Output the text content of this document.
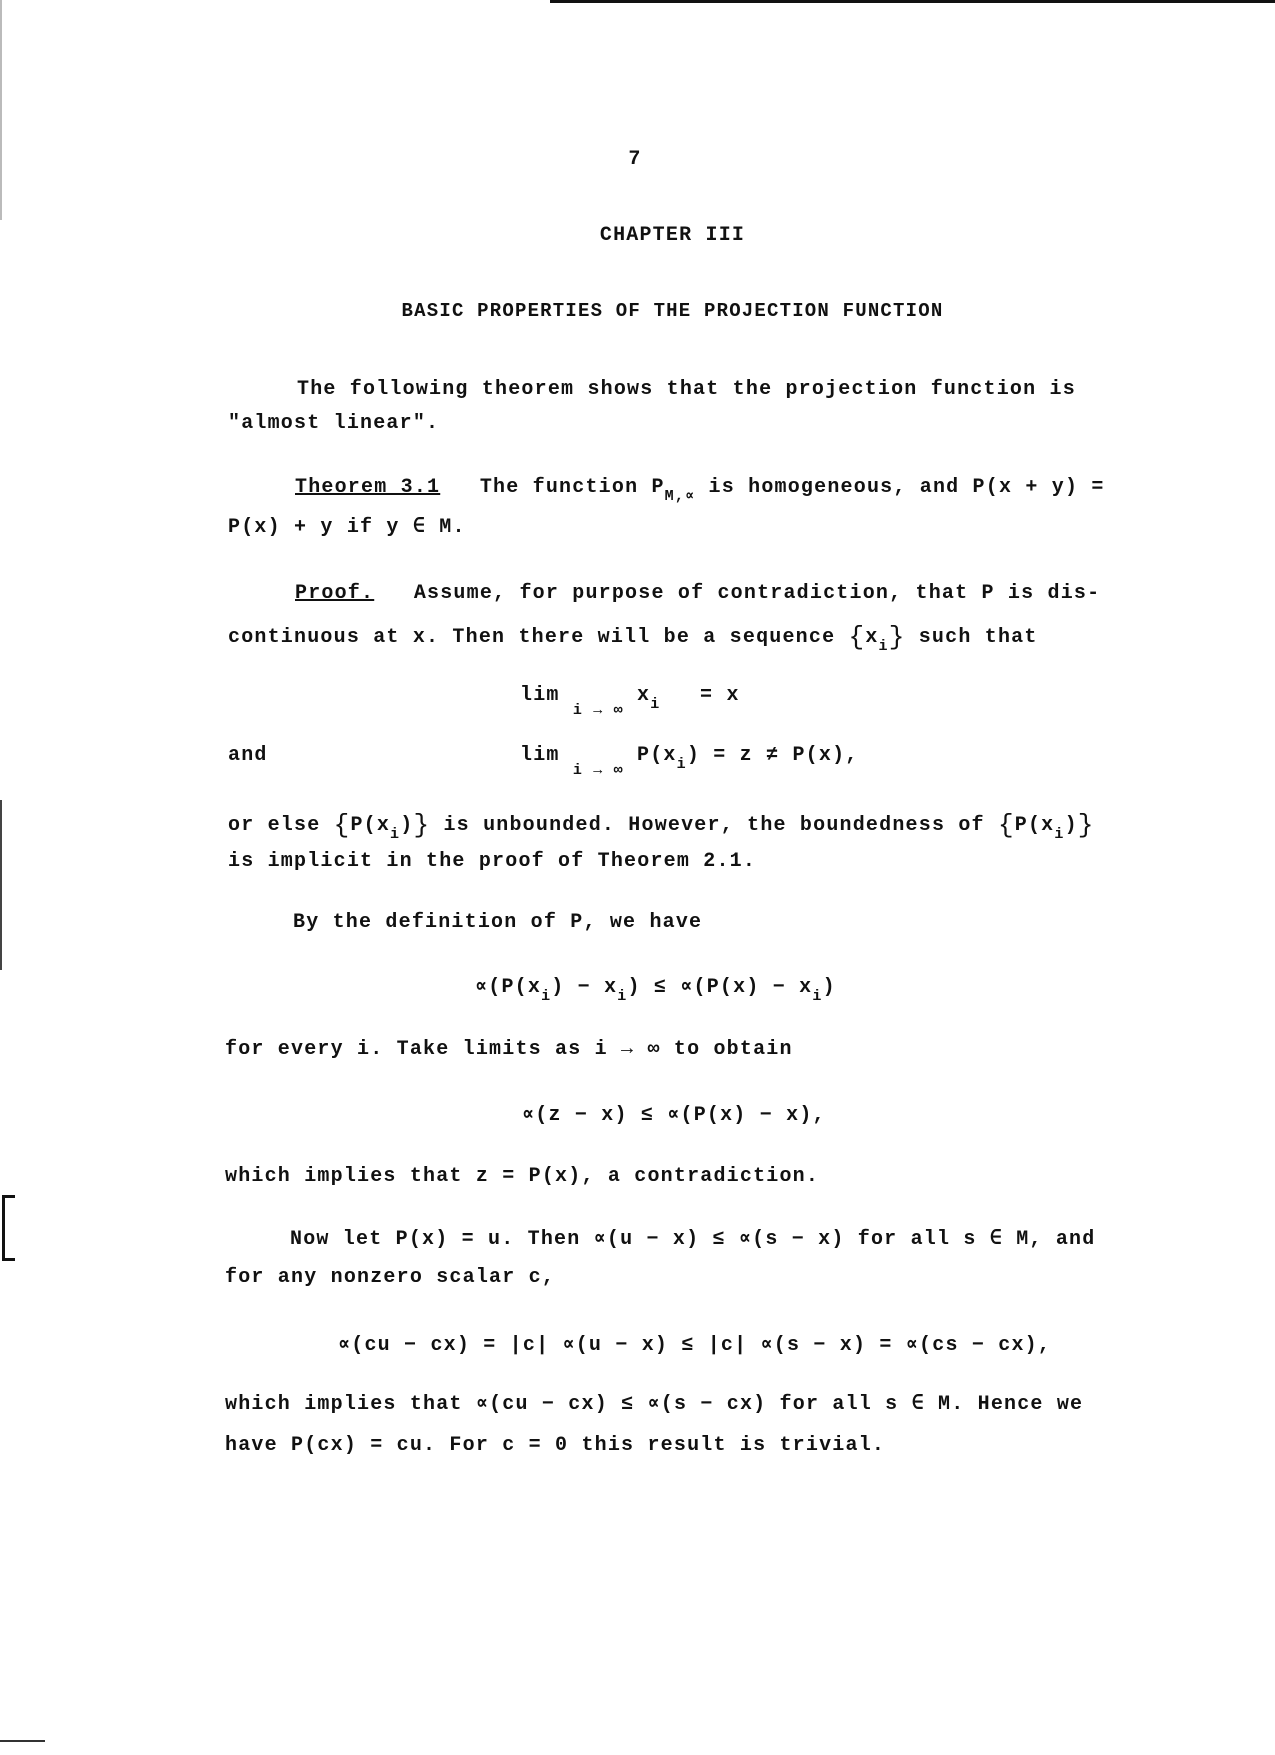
7
CHAPTER III
BASIC PROPERTIES OF THE PROJECTION FUNCTION
The following theorem shows that the projection function is
"almost linear".
Theorem 3.1 The function $P_{M,\propto}$ is homogeneous, and P(x + y) =
P(x) + y if y ∈ M.
Proof. Assume, for purpose of contradiction, that P is dis-
continuous at x. Then there will be a sequence $\{x_i\}$ such that
lim $_{i \to \infty}$ $x_i = x$
and	lim $_{i \to \infty}$ $P(x_i) = z \ne P(x)$,
or else $\{P(x_i)\}$ is unbounded. However, the boundedness of $\{P(x_i)\}$
is implicit in the proof of Theorem 2.1.
By the definition of P, we have
$\propto(P(x_i) - x_i) \le \propto(P(x) - x_i)$
for every i. Take limits as i → ∞ to obtain
∝(z − x) ≤ ∝(P(x) − x),
which implies that z = P(x), a contradiction.
Now let P(x) = u. Then ∝(u − x) ≤ ∝(s − x) for all s ∈ M, and
for any nonzero scalar c,
∝(cu − cx) = |c| ∝(u − x) ≤ |c| ∝(s − x) = ∝(cs − cx),
which implies that ∝(cu − cx) ≤ ∝(s − cx) for all s ∈ M. Hence we
have P(cx) = cu. For c = 0 this result is trivial.
